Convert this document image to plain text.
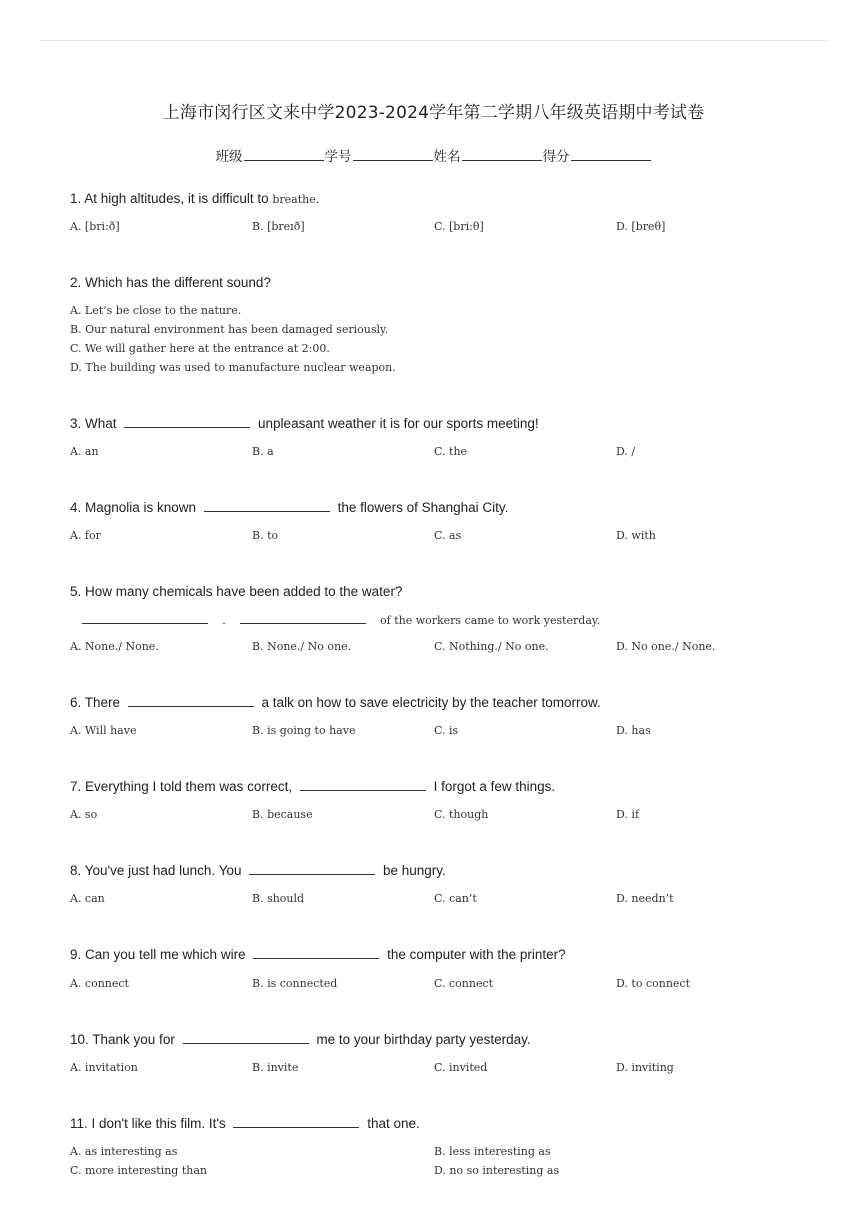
上海市闵行区文来中学2023-2024学年第二学期八年级英语期中考试卷
班级	学号	姓名	得分
1. At high altitudes, it is difficult to breathe.
A. [bri:ð]	B. [breɪð]	C. [bri:θ]	D. [breθ]
2. Which has the different sound?
A. Let’s be close to the nature.
B. Our natural environment has been damaged seriously.
C. We will gather here at the entrance at 2:00.
D. The building was used to manufacture nuclear weapon.
3. What	unpleasant weather it is for our sports meeting!
A. an	B. a	C. the	D. /
4. Magnolia is known	the flowers of Shanghai City.
A. for	B. to	C. as	D. with
5. How many chemicals have been added to the water?
.	of the workers came to work yesterday.
A. None./ None.	B. None./ No one.	C. Nothing./ No one.	D. No one./ None.
6. There	a talk on how to save electricity by the teacher tomorrow.
A. Will have	B. is going to have	C. is	D. has
7. Everything I told them was correct,	I forgot a few things.
A. so	B. because	C. though	D. if
8. You've just had lunch. You	be hungry.
A. can	B. should	C. can’t	D. needn’t
9. Can you tell me which wire	the computer with the printer?
A. connect	B. is connected	C. connect	D. to connect
10. Thank you for	me to your birthday party yesterday.
A. invitation	B. invite	C. invited	D. inviting
11. I don't like this film. It's	that one.
A. as interesting as	B. less interesting as
C. more interesting than	D. no so interesting as
